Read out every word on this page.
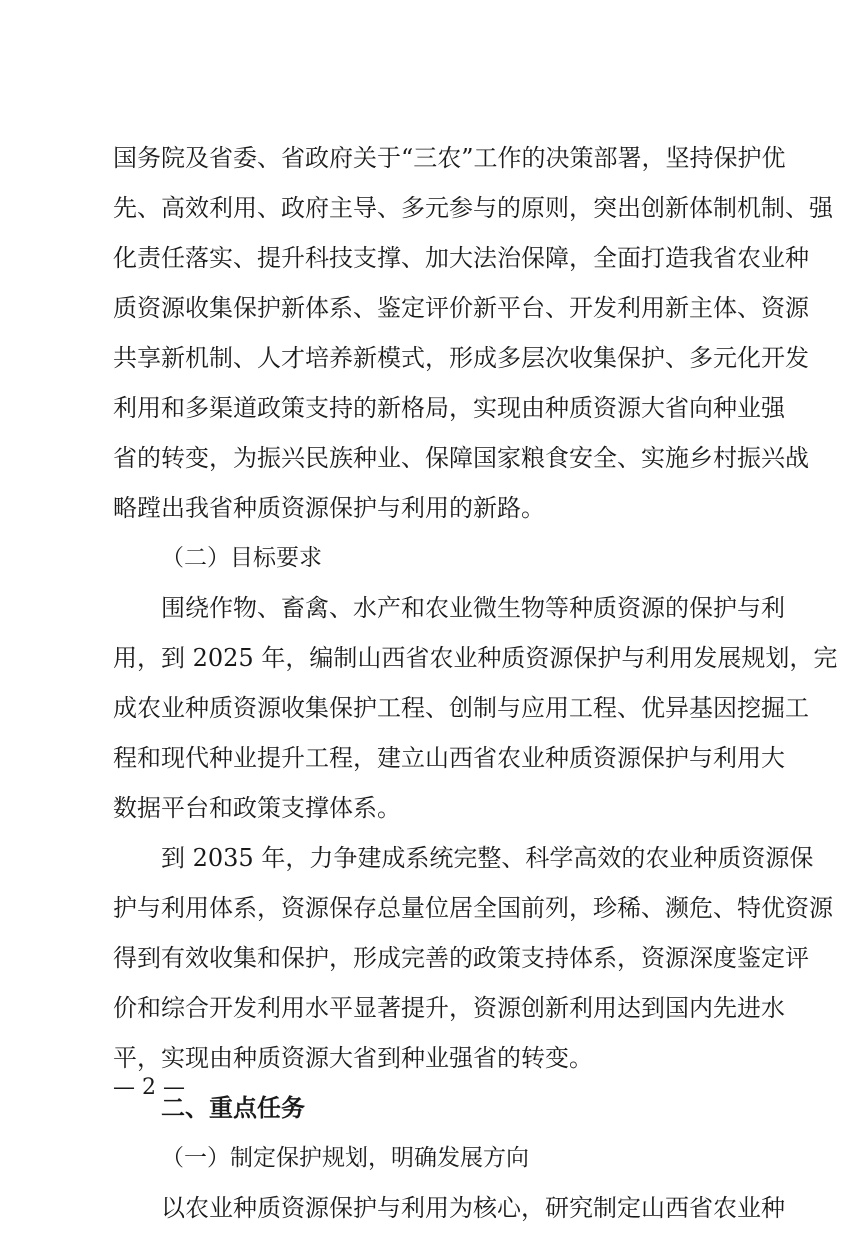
国务院及省委、省政府关于“三农”工作的决策部署，坚持保护优
先、高效利用、政府主导、多元参与的原则，突出创新体制机制、强
化责任落实、提升科技支撑、加大法治保障，全面打造我省农业种
质资源收集保护新体系、鉴定评价新平台、开发利用新主体、资源
共享新机制、人才培养新模式，形成多层次收集保护、多元化开发
利用和多渠道政策支持的新格局，实现由种质资源大省向种业强
省的转变，为振兴民族种业、保障国家粮食安全、实施乡村振兴战
略蹚出我省种质资源保护与利用的新路。
（二）目标要求
围绕作物、畜禽、水产和农业微生物等种质资源的保护与利
用，到 2025 年，编制山西省农业种质资源保护与利用发展规划，完
成农业种质资源收集保护工程、创制与应用工程、优异基因挖掘工
程和现代种业提升工程，建立山西省农业种质资源保护与利用大
数据平台和政策支撑体系。
到 2035 年，力争建成系统完整、科学高效的农业种质资源保
护与利用体系，资源保存总量位居全国前列，珍稀、濒危、特优资源
得到有效收集和保护，形成完善的政策支持体系，资源深度鉴定评
价和综合开发利用水平显著提升，资源创新利用达到国内先进水
平，实现由种质资源大省到种业强省的转变。
二、重点任务
（一）制定保护规划，明确发展方向
以农业种质资源保护与利用为核心，研究制定山西省农业种
— 2 —
